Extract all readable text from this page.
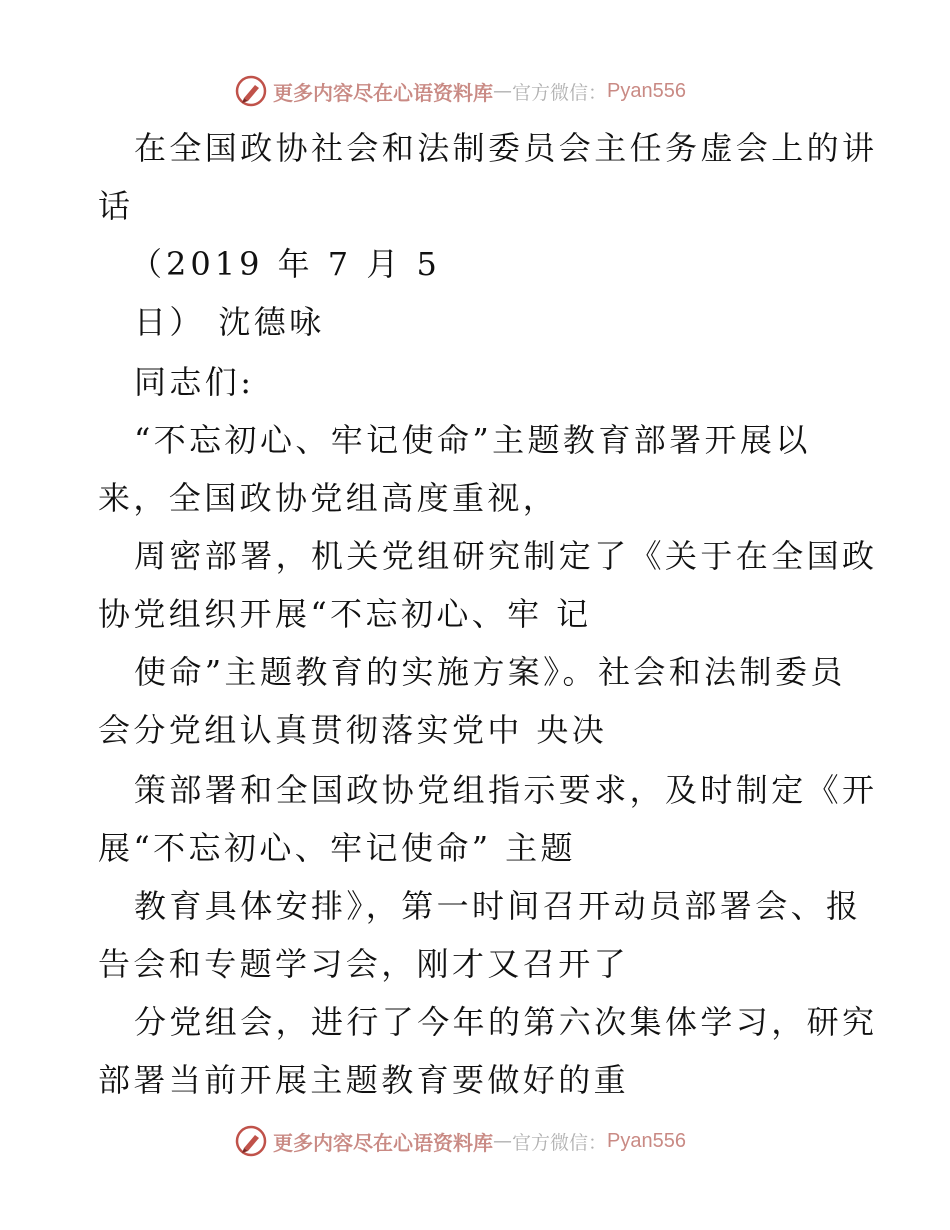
更多内容尽在心语资料库 — 官方微信： Pyan556
在全国政协社会和法制委员会主任务虚会上的讲
话
（2019 年 7 月 5
日） 沈德咏
同志们:
“不忘初心、牢记使命”主题教育部署开展以
来，全国政协党组高度重视，
周密部署，机关党组研究制定了《关于在全国政
协党组织开展“不忘初心、牢 记
使命”主题教育的实施方案》。社会和法制委员
会分党组认真贯彻落实党中 央决
策部署和全国政协党组指示要求，及时制定《开
展“不忘初心、牢记使命” 主题
教育具体安排》，第一时间召开动员部署会、报
告会和专题学习会，刚才又召开了
分党组会，进行了今年的第六次集体学习，研究
部署当前开展主题教育要做好的重
更多内容尽在心语资料库 — 官方微信： Pyan556
